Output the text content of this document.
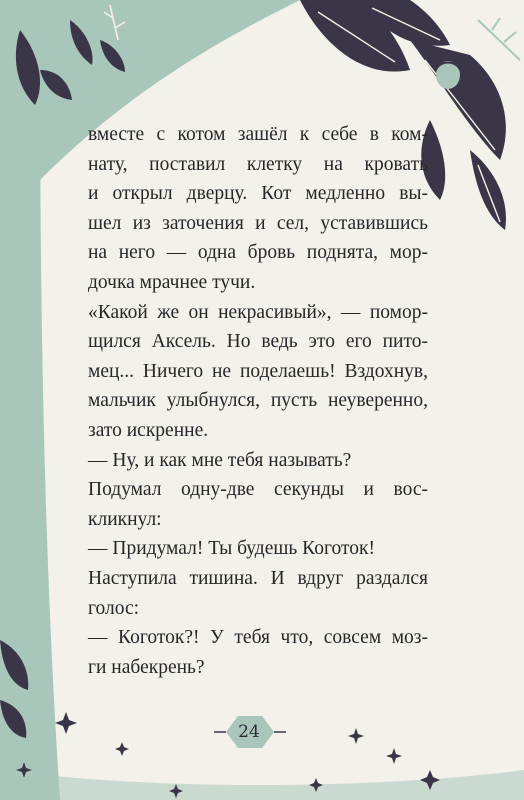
вместе с котом зашёл к себе в ком-
нату, поставил клетку на кровать
и открыл дверцу. Кот медленно вы-
шел из заточения и сел, уставившись
на него — одна бровь поднята, мор-
дочка мрачнее тучи.
«Какой же он некрасивый», — помор-
щился Аксель. Но ведь это его пито-
мец... Ничего не поделаешь! Вздохнув,
мальчик улыбнулся, пусть неуверенно,
зато искренне.
— Ну, и как мне тебя называть?
Подумал одну-две секунды и вос-
кликнул:
— Придумал! Ты будешь Коготок!
Наступила тишина. И вдруг раздался
голос:
— Коготок?! У тебя что, совсем моз-
ги набекрень?
24
